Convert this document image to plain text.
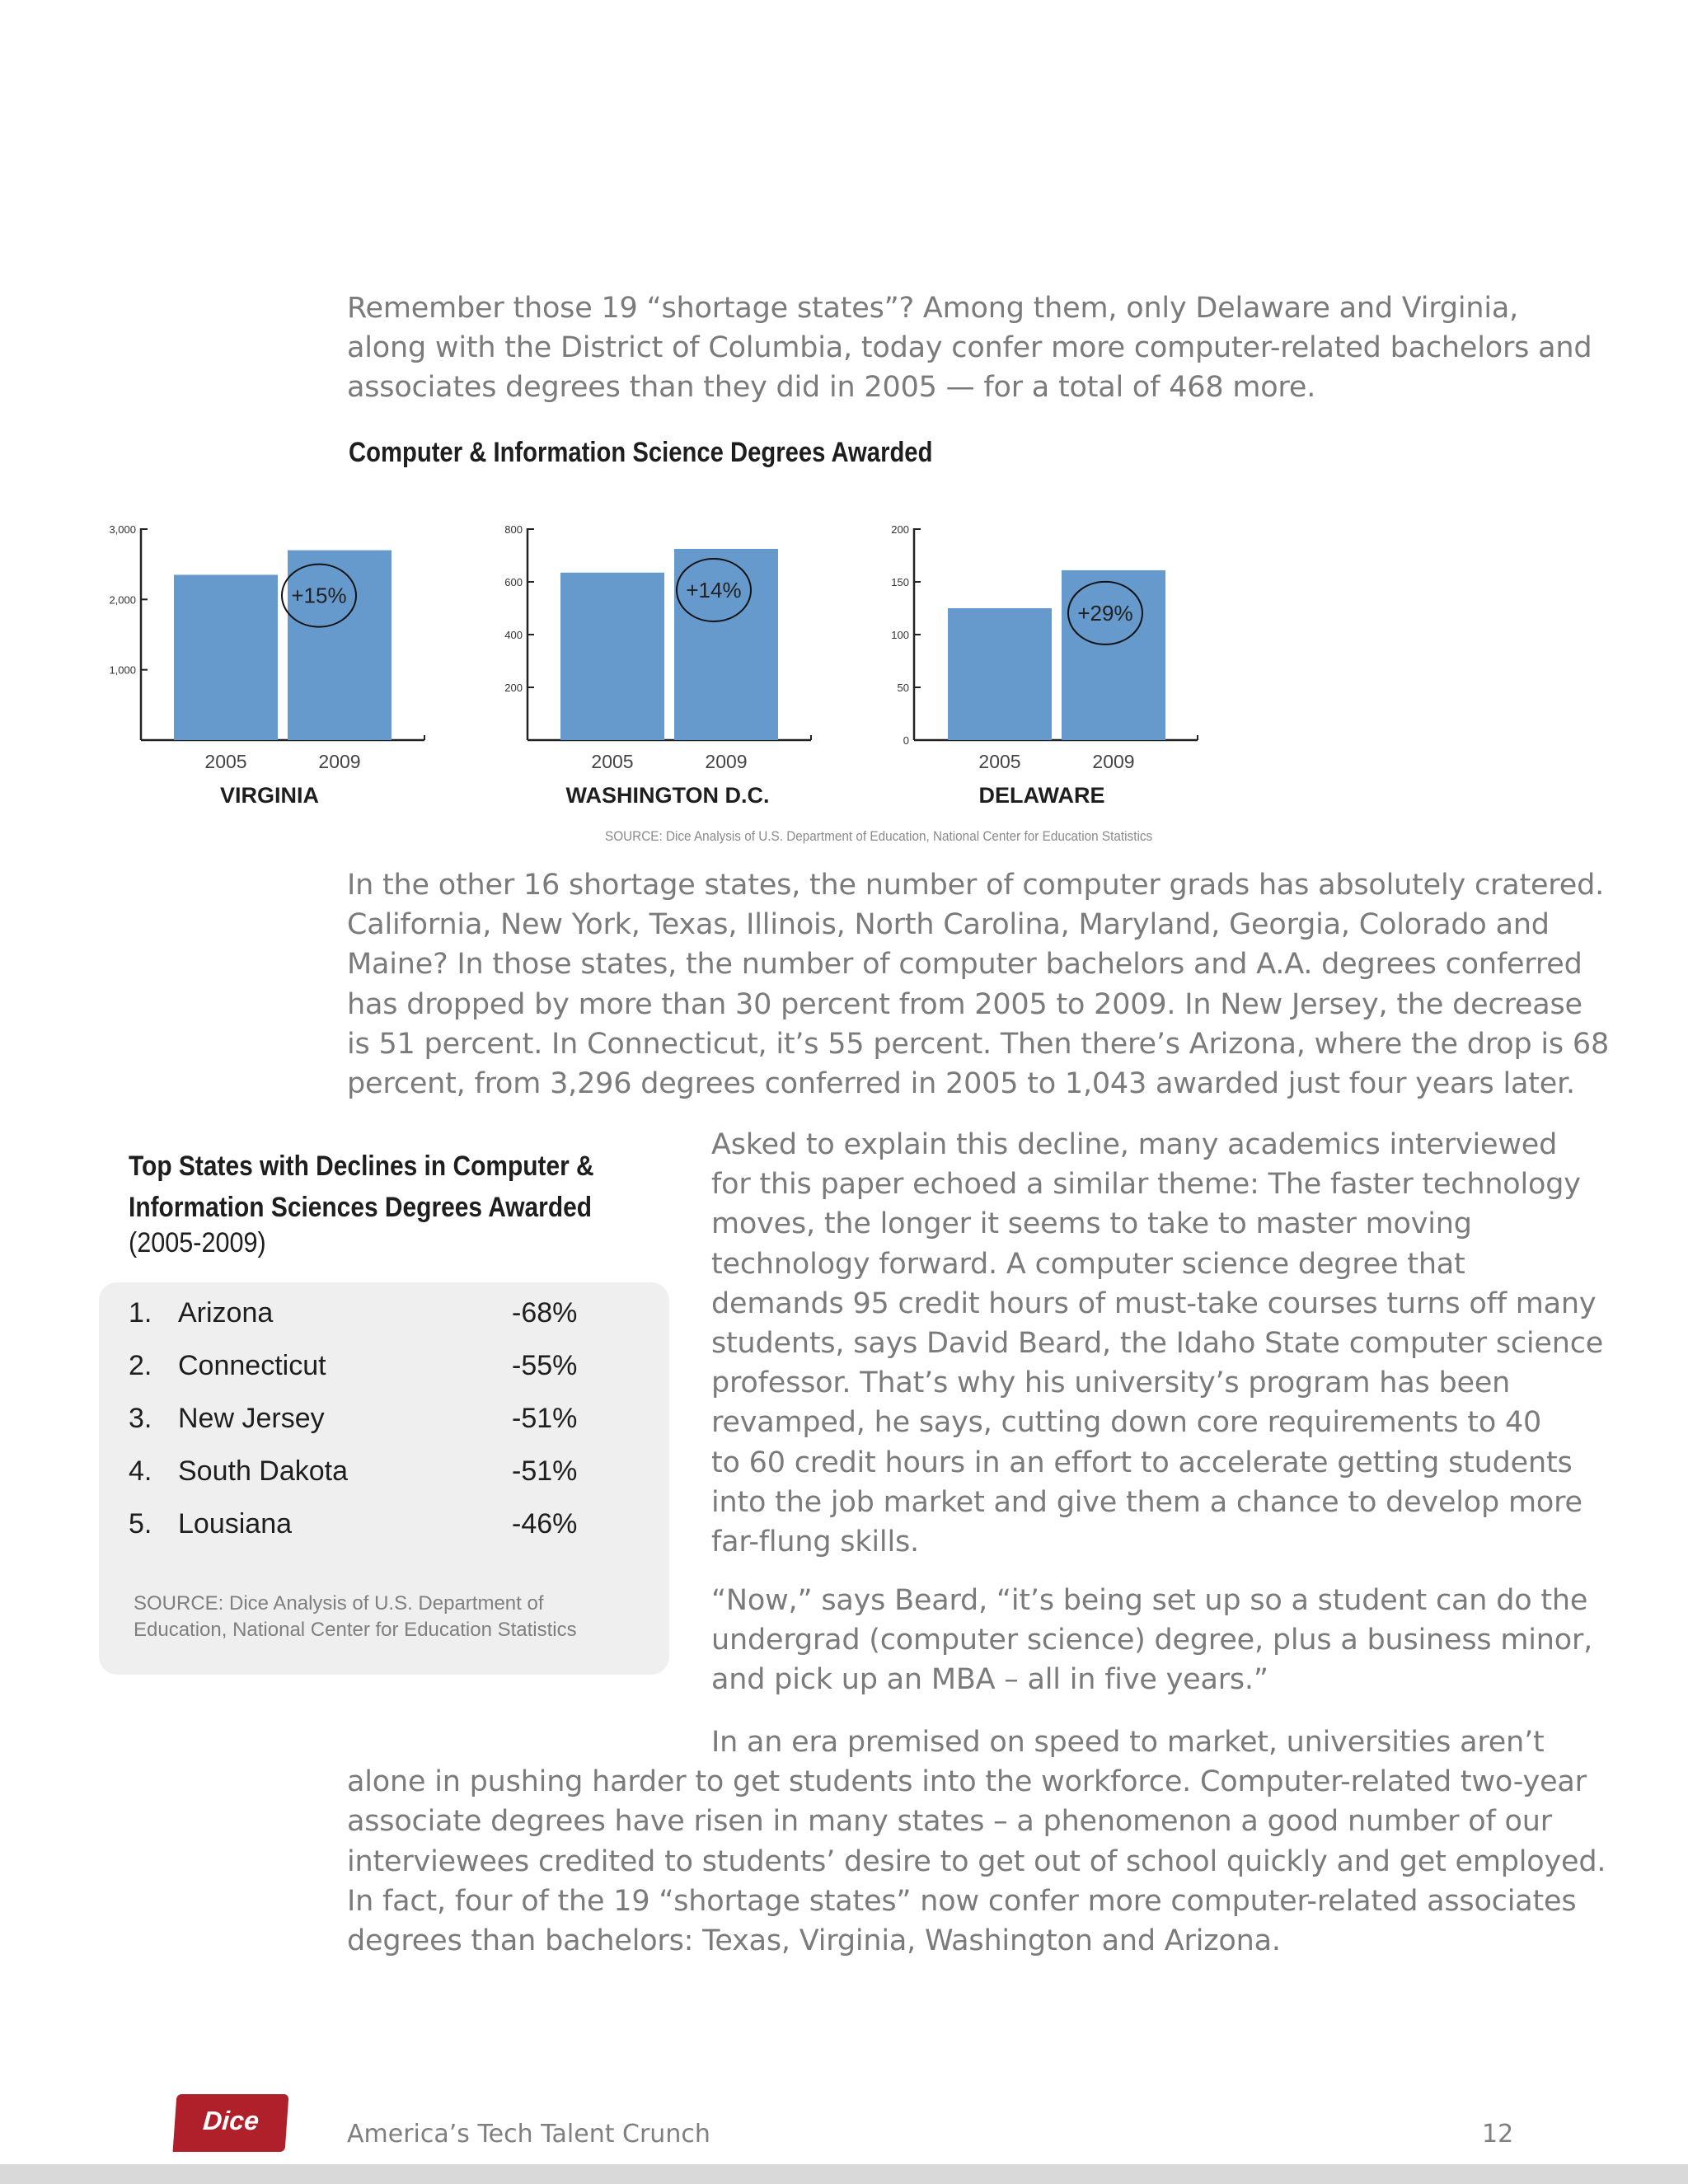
Remember those 19 “shortage states”? Among them, only Delaware and Virginia,
along with the District of Columbia, today confer more computer-related bachelors and
associates degrees than they did in 2005 — for a total of 468 more.
Computer & Information Science Degrees Awarded
1,000
2,000
3,000
2005	2009
+15%
VIRGINIA
200
400
600
800
2005	2009
+14%
WASHINGTON D.C.
0
50
100
150
200
2005	2009
+29%
DELAWARE
SOURCE: Dice Analysis of U.S. Department of Education, National Center for Education Statistics
In the other 16 shortage states, the number of computer grads has absolutely cratered.
California, New York, Texas, Illinois, North Carolina, Maryland, Georgia, Colorado and
Maine? In those states, the number of computer bachelors and A.A. degrees conferred
has dropped by more than 30 percent from 2005 to 2009. In New Jersey, the decrease
is 51 percent. In Connecticut, it’s 55 percent. Then there’s Arizona, where the drop is 68
percent, from 3,296 degrees conferred in 2005 to 1,043 awarded just four years later.
Top States with Declines in Computer &
Information Sciences Degrees Awarded
(2005-2009)
1. Arizona	-68%
2. Connecticut	-55%
3. New Jersey	-51%
4. South Dakota	-51%
5. Lousiana	-46%
SOURCE: Dice Analysis of U.S. Department of
Education, National Center for Education Statistics
Asked to explain this decline, many academics interviewed
for this paper echoed a similar theme: The faster technology
moves, the longer it seems to take to master moving
technology forward. A computer science degree that
demands 95 credit hours of must-take courses turns off many
students, says David Beard, the Idaho State computer science
professor. That’s why his university’s program has been
revamped, he says, cutting down core requirements to 40
to 60 credit hours in an effort to accelerate getting students
into the job market and give them a chance to develop more
far-flung skills.
“Now,” says Beard, “it’s being set up so a student can do the
undergrad (computer science) degree, plus a business minor,
and pick up an MBA – all in five years.”
In an era premised on speed to market, universities aren’t
alone in pushing harder to get students into the workforce. Computer-related two-year
associate degrees have risen in many states – a phenomenon a good number of our
interviewees credited to students’ desire to get out of school quickly and get employed.
In fact, four of the 19 “shortage states” now confer more computer-related associates
degrees than bachelors: Texas, Virginia, Washington and Arizona.
Dice	America’s Tech Talent Crunch	12
